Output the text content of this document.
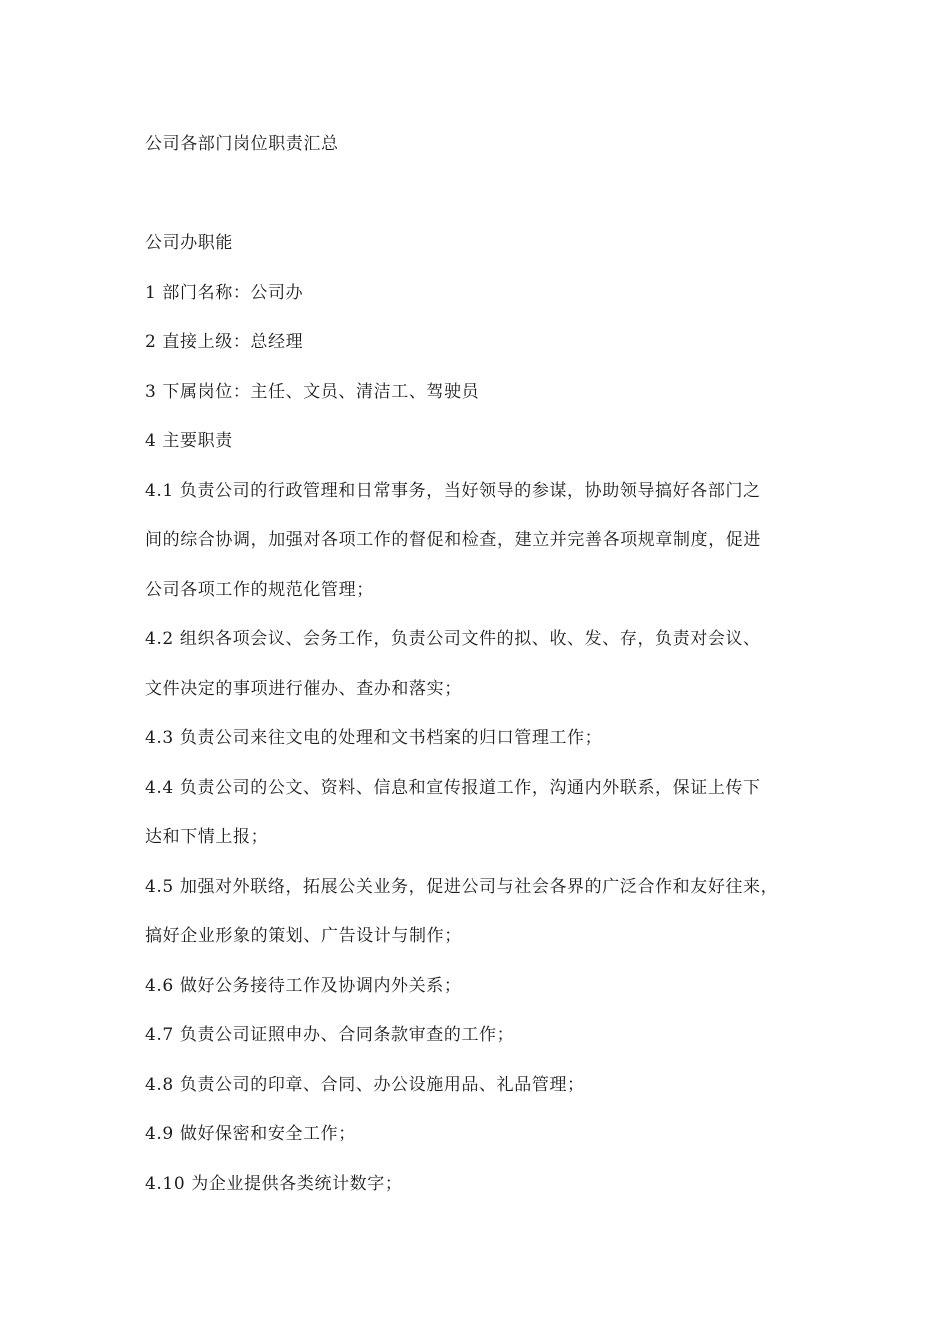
公司各部门岗位职责汇总
公司办职能
1 部门名称：公司办
2 直接上级：总经理
3 下属岗位：主任、文员、清洁工、驾驶员
4 主要职责
4.1 负责公司的行政管理和日常事务，当好领导的参谋，协助领导搞好各部门之
间的综合协调，加强对各项工作的督促和检查，建立并完善各项规章制度，促进
公司各项工作的规范化管理；
4.2 组织各项会议、会务工作，负责公司文件的拟、收、发、存，负责对会议、
文件决定的事项进行催办、查办和落实；
4.3 负责公司来往文电的处理和文书档案的归口管理工作；
4.4 负责公司的公文、资料、信息和宣传报道工作，沟通内外联系，保证上传下
达和下情上报；
4.5 加强对外联络，拓展公关业务，促进公司与社会各界的广泛合作和友好往来，
搞好企业形象的策划、广告设计与制作；
4.6 做好公务接待工作及协调内外关系；
4.7 负责公司证照申办、合同条款审查的工作；
4.8 负责公司的印章、合同、办公设施用品、礼品管理；
4.9 做好保密和安全工作；
4.10 为企业提供各类统计数字；
